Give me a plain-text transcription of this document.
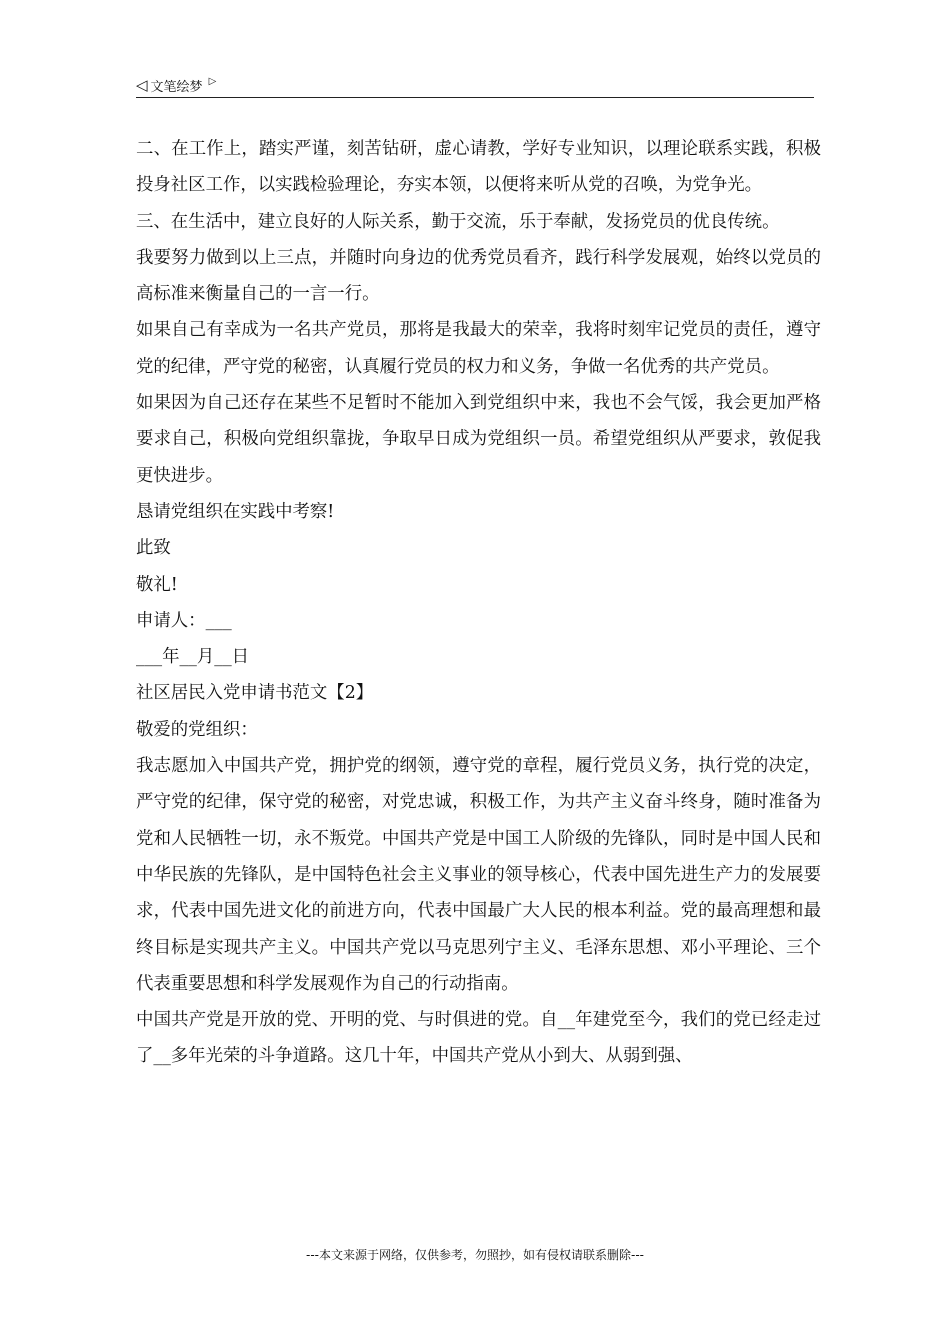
◁ 文笔绘梦 ▷

二、在工作上，踏实严谨，刻苦钻研，虚心请教，学好专业知识，以理论联系实践，积极投身社区工作，以实践检验理论，夯实本领，以便将来听从党的召唤，为党争光。

三、在生活中，建立良好的人际关系，勤于交流，乐于奉献，发扬党员的优良传统。

我要努力做到以上三点，并随时向身边的优秀党员看齐，践行科学发展观，始终以党员的高标准来衡量自己的一言一行。

如果自己有幸成为一名共产党员，那将是我最大的荣幸，我将时刻牢记党员的责任，遵守党的纪律，严守党的秘密，认真履行党员的权力和义务，争做一名优秀的共产党员。

如果因为自己还存在某些不足暂时不能加入到党组织中来，我也不会气馁，我会更加严格要求自己，积极向党组织靠拢，争取早日成为党组织一员。希望党组织从严要求，敦促我更快进步。

恳请党组织在实践中考察!

此致

敬礼!

申请人：___

___年__月__日

社区居民入党申请书范文【2】

敬爱的党组织：

我志愿加入中国共产党，拥护党的纲领，遵守党的章程，履行党员义务，执行党的决定，严守党的纪律，保守党的秘密，对党忠诚，积极工作，为共产主义奋斗终身，随时准备为党和人民牺牲一切，永不叛党。中国共产党是中国工人阶级的先锋队，同时是中国人民和中华民族的先锋队，是中国特色社会主义事业的领导核心，代表中国先进生产力的发展要求，代表中国先进文化的前进方向，代表中国最广大人民的根本利益。党的最高理想和最终目标是实现共产主义。中国共产党以马克思列宁主义、毛泽东思想、邓小平理论、三个代表重要思想和科学发展观作为自己的行动指南。

中国共产党是开放的党、开明的党、与时俱进的党。自__年建党至今，我们的党已经走过了__多年光荣的斗争道路。这几十年，中国共产党从小到大、从弱到强、

---本文来源于网络，仅供参考，勿照抄，如有侵权请联系删除---
